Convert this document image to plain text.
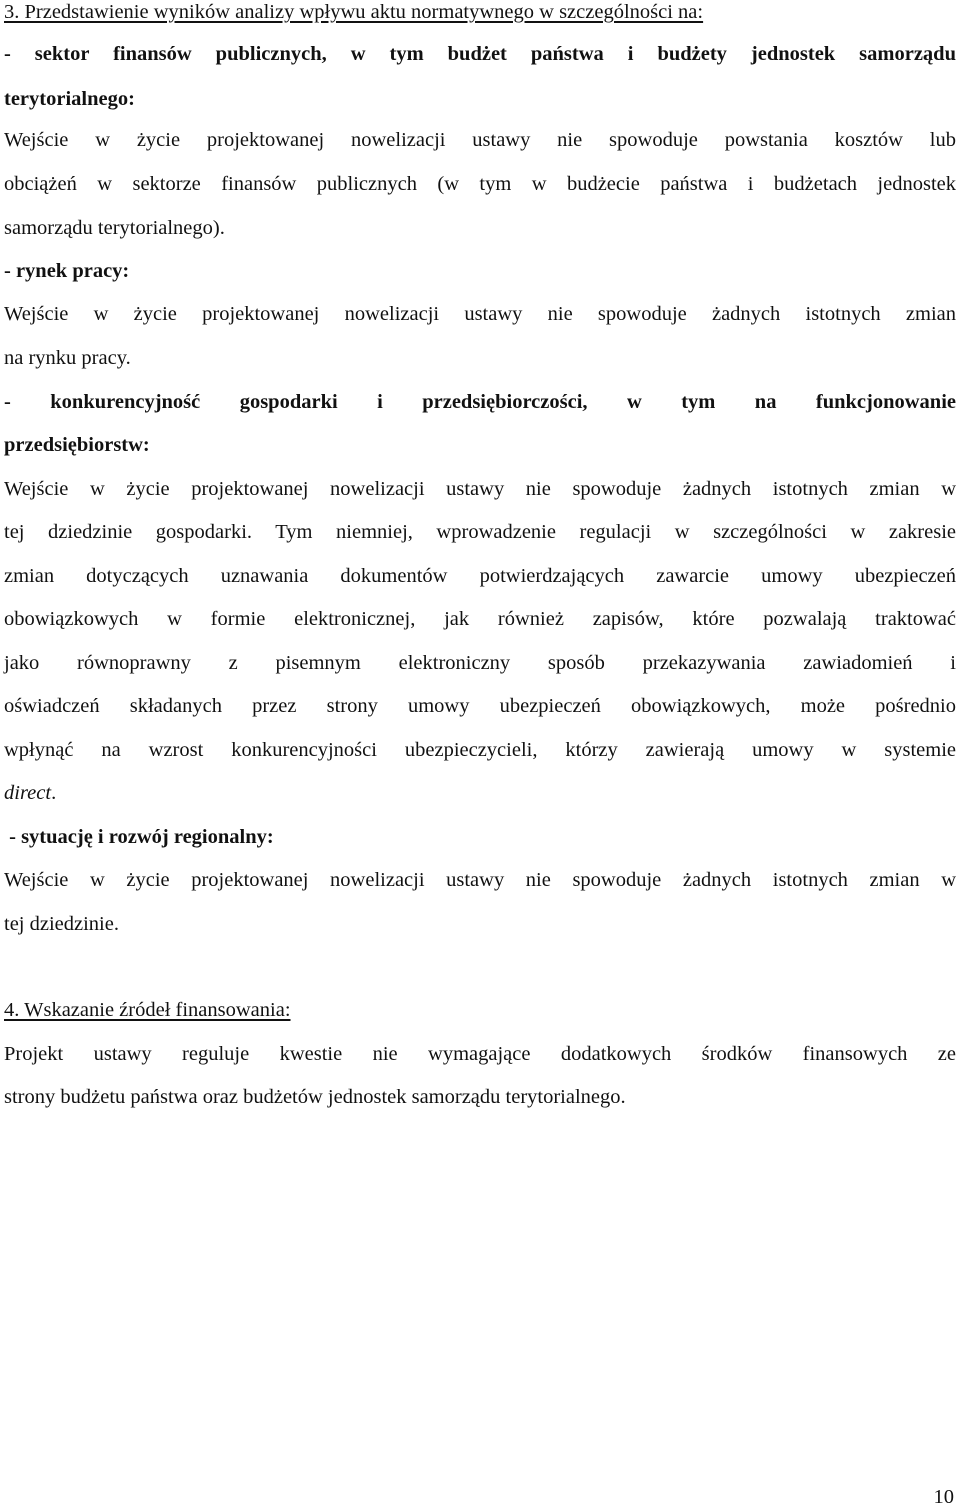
3. Przedstawienie wyników analizy wpływu aktu normatywnego w szczególności na:
- sektor finansów publicznych, w tym budżet państwa i budżety jednostek samorządu
terytorialnego:
Wejście w życie projektowanej nowelizacji ustawy nie spowoduje powstania kosztów lub
obciążeń w sektorze finansów publicznych (w tym w budżecie państwa i budżetach jednostek
samorządu terytorialnego).
- rynek pracy:
Wejście w życie projektowanej nowelizacji ustawy nie spowoduje żadnych istotnych zmian
na rynku pracy.
- konkurencyjność gospodarki i przedsiębiorczości, w tym na funkcjonowanie
przedsiębiorstw:
Wejście w życie projektowanej nowelizacji ustawy nie spowoduje żadnych istotnych zmian w
tej dziedzinie gospodarki. Tym niemniej, wprowadzenie regulacji w szczególności w zakresie
zmian dotyczących uznawania dokumentów potwierdzających zawarcie umowy ubezpieczeń
obowiązkowych w formie elektronicznej, jak również zapisów, które pozwalają traktować
jako równoprawny z pisemnym elektroniczny sposób przekazywania zawiadomień i
oświadczeń składanych przez strony umowy ubezpieczeń obowiązkowych, może pośrednio
wpłynąć na wzrost konkurencyjności ubezpieczycieli, którzy zawierają umowy w systemie
direct.
- sytuację i rozwój regionalny:
Wejście w życie projektowanej nowelizacji ustawy nie spowoduje żadnych istotnych zmian w
tej dziedzinie.
4. Wskazanie źródeł finansowania:
Projekt ustawy reguluje kwestie nie wymagające dodatkowych środków finansowych ze
strony budżetu państwa oraz budżetów jednostek samorządu terytorialnego.
10
